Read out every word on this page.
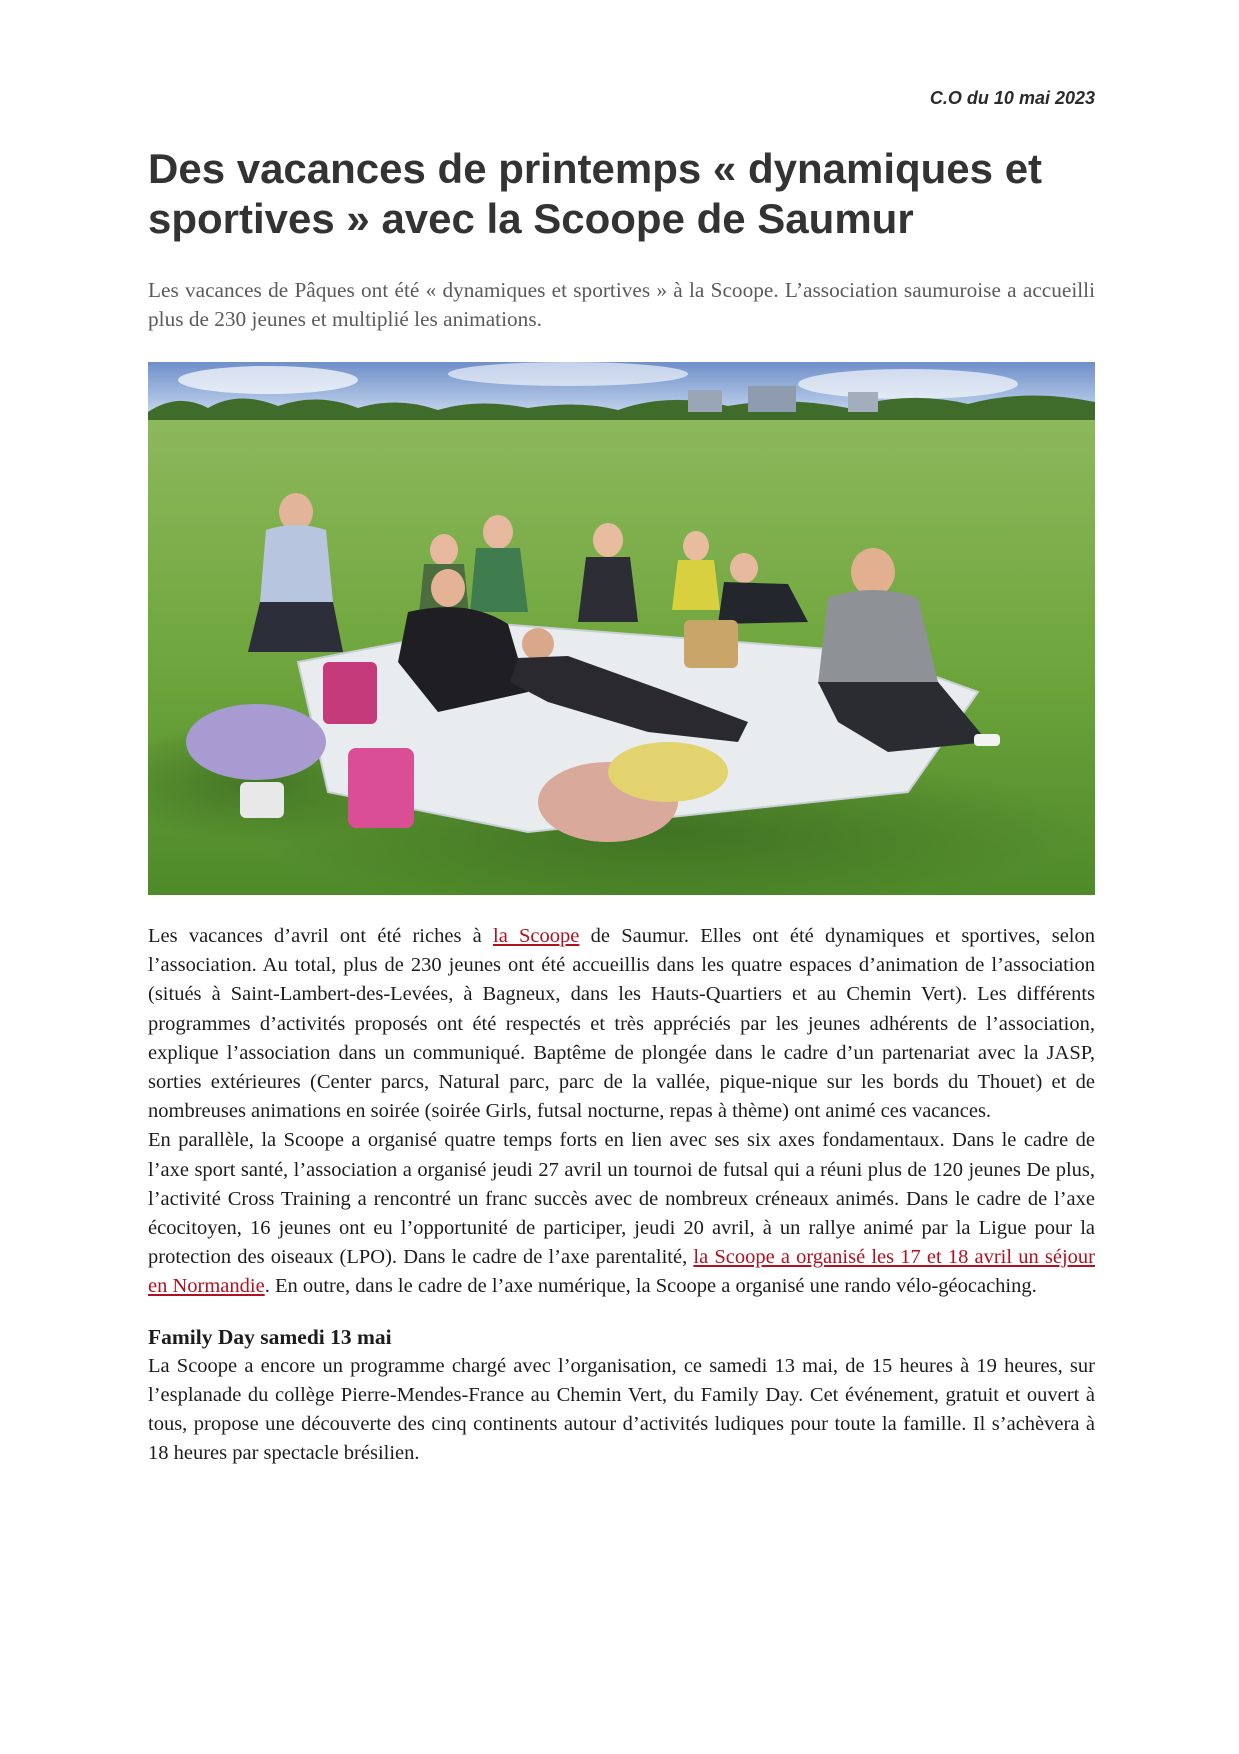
C.O du 10 mai 2023

Des vacances de printemps « dynamiques et sportives » avec la Scoope de Saumur

Les vacances de Pâques ont été « dynamiques et sportives » à la Scoope. L’association saumuroise a accueilli plus de 230 jeunes et multiplié les animations.

Les vacances d’avril ont été riches à la Scoope de Saumur. Elles ont été dynamiques et sportives, selon l’association. Au total, plus de 230 jeunes ont été accueillis dans les quatre espaces d’animation de l’association (situés à Saint-Lambert-des-Levées, à Bagneux, dans les Hauts-Quartiers et au Chemin Vert). Les différents programmes d’activités proposés ont été respectés et très appréciés par les jeunes adhérents de l’association, explique l’association dans un communiqué. Baptême de plongée dans le cadre d’un partenariat avec la JASP, sorties extérieures (Center parcs, Natural parc, parc de la vallée, pique-nique sur les bords du Thouet) et de nombreuses animations en soirée (soirée Girls, futsal nocturne, repas à thème) ont animé ces vacances.

En parallèle, la Scoope a organisé quatre temps forts en lien avec ses six axes fondamentaux. Dans le cadre de l’axe sport santé, l’association a organisé jeudi 27 avril un tournoi de futsal qui a réuni plus de 120 jeunes De plus, l’activité Cross Training a rencontré un franc succès avec de nombreux créneaux animés. Dans le cadre de l’axe écocitoyen, 16 jeunes ont eu l’opportunité de participer, jeudi 20 avril, à un rallye animé par la Ligue pour la protection des oiseaux (LPO). Dans le cadre de l’axe parentalité, la Scoope a organisé les 17 et 18 avril un séjour en Normandie. En outre, dans le cadre de l’axe numérique, la Scoope a organisé une rando vélo-géocaching.

Family Day samedi 13 mai

La Scoope a encore un programme chargé avec l’organisation, ce samedi 13 mai, de 15 heures à 19 heures, sur l’esplanade du collège Pierre-Mendes-France au Chemin Vert, du Family Day. Cet événement, gratuit et ouvert à tous, propose une découverte des cinq continents autour d’activités ludiques pour toute la famille. Il s’achèvera à 18 heures par spectacle brésilien.
